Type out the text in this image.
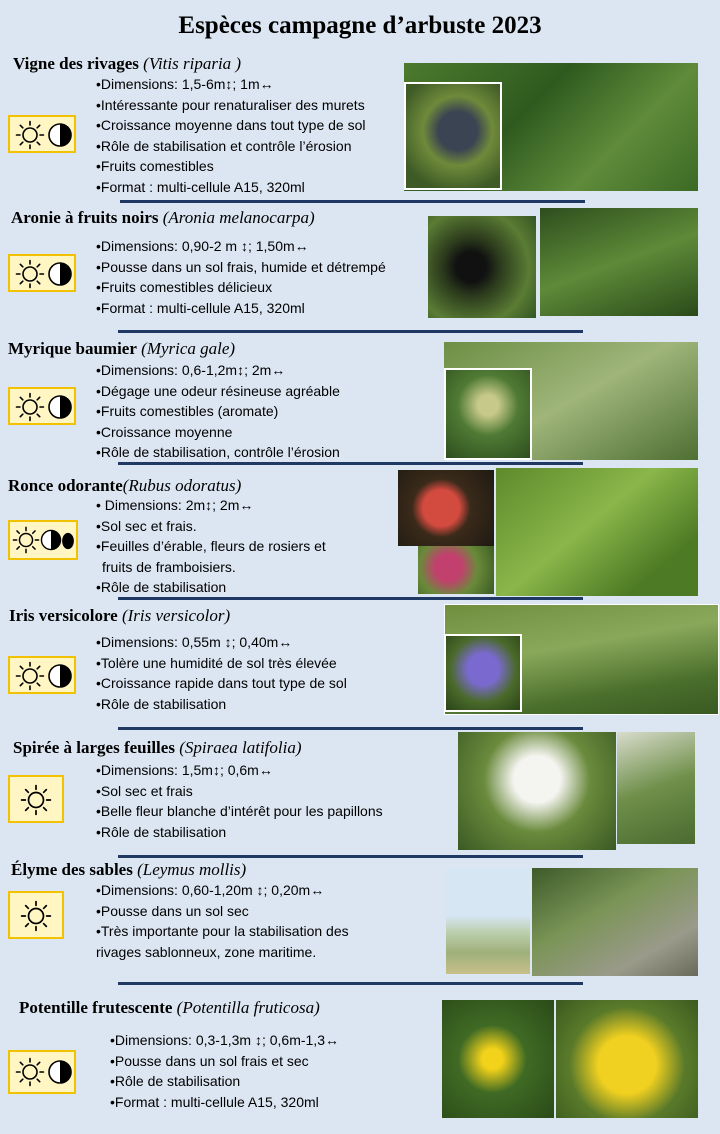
Espèces campagne d’arbuste 2023
Vigne des rivages (Vitis riparia )
•Dimensions: 1,5-6m↕; 1m↔
•Intéressante pour renaturaliser des murets
•Croissance moyenne dans tout type de sol
•Rôle de stabilisation et contrôle l’érosion
•Fruits comestibles
•Format : multi-cellule A15, 320ml
Aronie à fruits noirs (Aronia melanocarpa)
•Dimensions: 0,90-2 m ↕; 1,50m↔
•Pousse dans un sol frais, humide et détrempé
•Fruits comestibles délicieux
•Format : multi-cellule A15, 320ml
Myrique baumier (Myrica gale)
•Dimensions: 0,6-1,2m↕; 2m↔
•Dégage une odeur résineuse agréable
•Fruits comestibles (aromate)
•Croissance moyenne
•Rôle de stabilisation, contrôle l’érosion
Ronce odorante(Rubus odoratus)
• Dimensions: 2m↕; 2m↔
•Sol sec et frais.
•Feuilles d’érable, fleurs de rosiers et
fruits de framboisiers.
•Rôle de stabilisation
Iris versicolore (Iris versicolor)
•Dimensions: 0,55m ↕; 0,40m↔
•Tolère une humidité de sol très élevée
•Croissance rapide dans tout type de sol
•Rôle de stabilisation
Spirée à larges feuilles (Spiraea latifolia)
•Dimensions: 1,5m↕; 0,6m↔
•Sol sec et frais
•Belle fleur blanche d’intérêt pour les papillons
•Rôle de stabilisation
Élyme des sables (Leymus mollis)
•Dimensions: 0,60-1,20m ↕; 0,20m↔
•Pousse dans un sol sec
•Très importante pour la stabilisation des
rivages sablonneux, zone maritime.
Potentille frutescente (Potentilla fruticosa)
•Dimensions: 0,3-1,3m ↕; 0,6m-1,3↔
•Pousse dans un sol frais et sec
•Rôle de stabilisation
•Format : multi-cellule A15, 320ml
